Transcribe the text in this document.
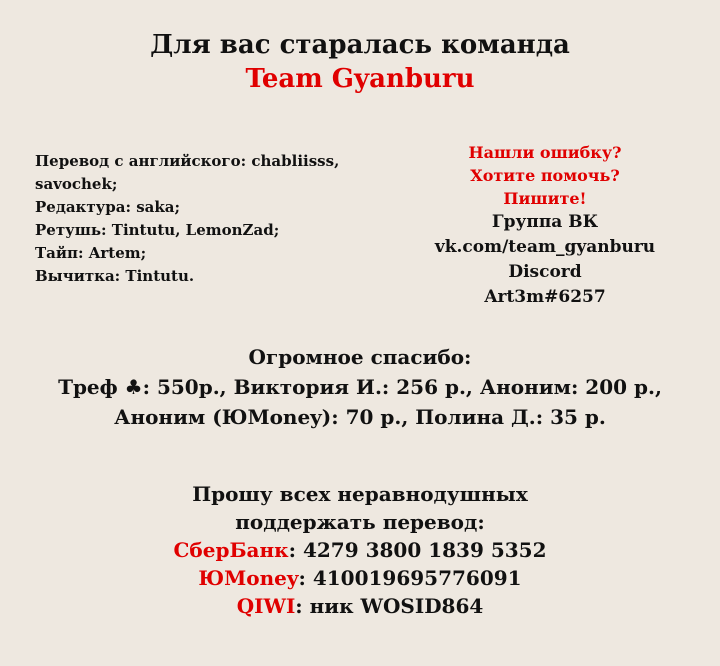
Для вас старалась команда
Team Gyanburu
Перевод с английского: chabliisss,
savochek;
Редактура: saka;
Ретушь: Tintutu, LemonZad;
Тайп: Artem;
Вычитка: Tintutu.
Нашли ошибку?
Хотите помочь?
Пишите!
Группа ВК
vk.com/team_gyanburu
Discord
Art3m#6257
Огромное спасибо:
Треф ♣: 550р., Виктория И.: 256 р., Аноним: 200 р.,
Аноним (ЮMoney): 70 р., Полина Д.: 35 р.
Прошу всех неравнодушных
поддержать перевод:
СберБанк: 4279 3800 1839 5352
ЮMoney: 410019695776091
QIWI: ник WOSID864
